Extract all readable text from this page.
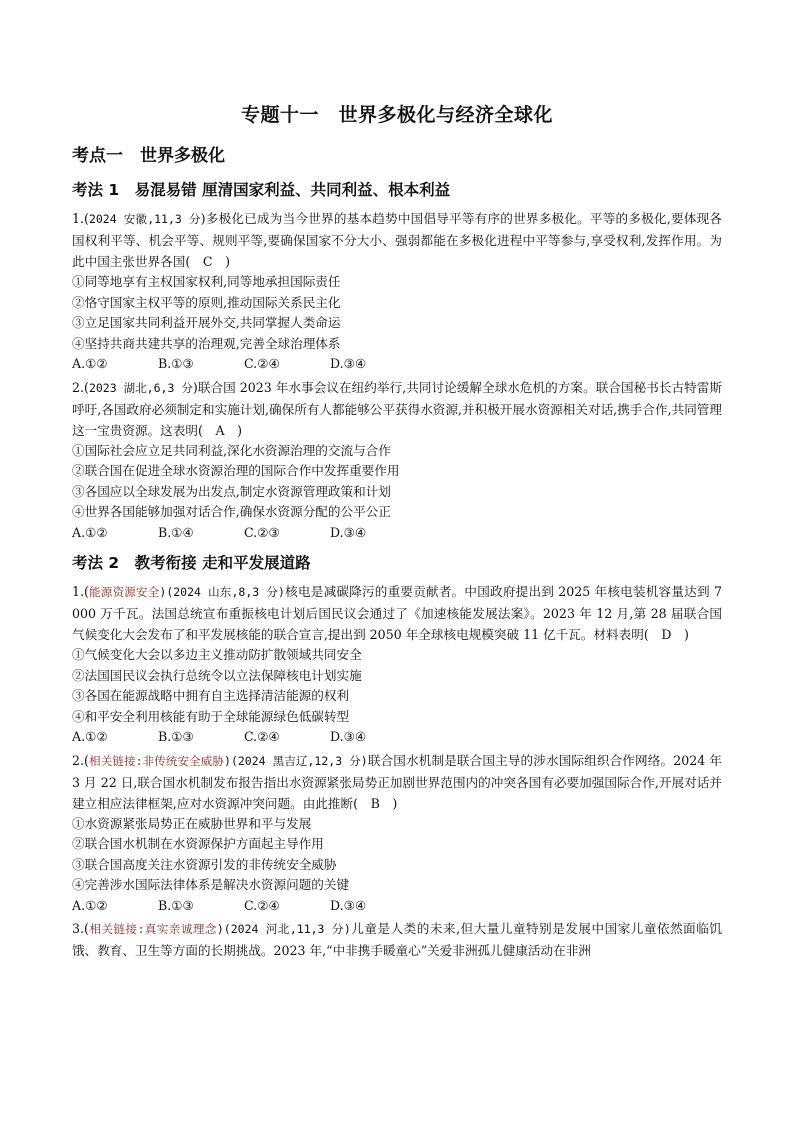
专题十一　世界多极化与经济全球化
考点一　世界多极化
考法 1　易混易错 厘清国家利益、共同利益、根本利益

1.(2024 安徽,11,3 分)多极化已成为当今世界的基本趋势中国倡导平等有序的世界多极化。平等的多极化,要体现各国权利平等、机会平等、规则平等,要确保国家不分大小、强弱都能在多极化进程中平等参与,享受权利,发挥作用。为此中国主张世界各国(　C　)

①同等地享有主权国家权利,同等地承担国际责任

②恪守国家主权平等的原则,推动国际关系民主化

③立足国家共同利益开展外交,共同掌握人类命运

④坚持共商共建共享的治理观,完善全球治理体系

A.①②	B.①③	C.②④	D.③④

2.(2023 湖北,6,3 分)联合国 2023 年水事会议在纽约举行,共同讨论缓解全球水危机的方案。联合国秘书长古特雷斯呼吁,各国政府必须制定和实施计划,确保所有人都能够公平获得水资源,并积极开展水资源相关对话,携手合作,共同管理这一宝贵资源。这表明(　A　)

①国际社会应立足共同利益,深化水资源治理的交流与合作

②联合国在促进全球水资源治理的国际合作中发挥重要作用

③各国应以全球发展为出发点,制定水资源管理政策和计划

④世界各国能够加强对话合作,确保水资源分配的公平公正

A.①②	B.①④	C.②③	D.③④
考法 2　教考衔接 走和平发展道路

1.(能源资源安全)(2024 山东,8,3 分)核电是减碳降污的重要贡献者。中国政府提出到 2025 年核电装机容量达到 7 000 万千瓦。法国总统宣布重振核电计划后国民议会通过了《加速核能发展法案》。2023 年 12 月,第 28 届联合国气候变化大会发布了和平发展核能的联合宣言,提出到 2050 年全球核电规模突破 11 亿千瓦。材料表明(　D　)

①气候变化大会以多边主义推动防扩散领域共同安全

②法国国民议会执行总统令以立法保障核电计划实施

③各国在能源战略中拥有自主选择清洁能源的权利

④和平安全利用核能有助于全球能源绿色低碳转型

A.①②	B.①③	C.②④	D.③④

2.(相关链接:非传统安全威胁)(2024 黑吉辽,12,3 分)联合国水机制是联合国主导的涉水国际组织合作网络。2024 年 3 月 22 日,联合国水机制发布报告指出水资源紧张局势正加剧世界范围内的冲突各国有必要加强国际合作,开展对话并建立相应法律框架,应对水资源冲突问题。由此推断(　B　)

①水资源紧张局势正在威胁世界和平与发展

②联合国水机制在水资源保护方面起主导作用

③联合国高度关注水资源引发的非传统安全威胁

④完善涉水国际法律体系是解决水资源问题的关键

A.①②	B.①③	C.②④	D.③④

3.(相关链接:真实亲诚理念)(2024 河北,11,3 分)儿童是人类的未来,但大量儿童特别是发展中国家儿童依然面临饥饿、教育、卫生等方面的长期挑战。2023 年,“中非携手暖童心”关爱非洲孤儿健康活动在非洲
